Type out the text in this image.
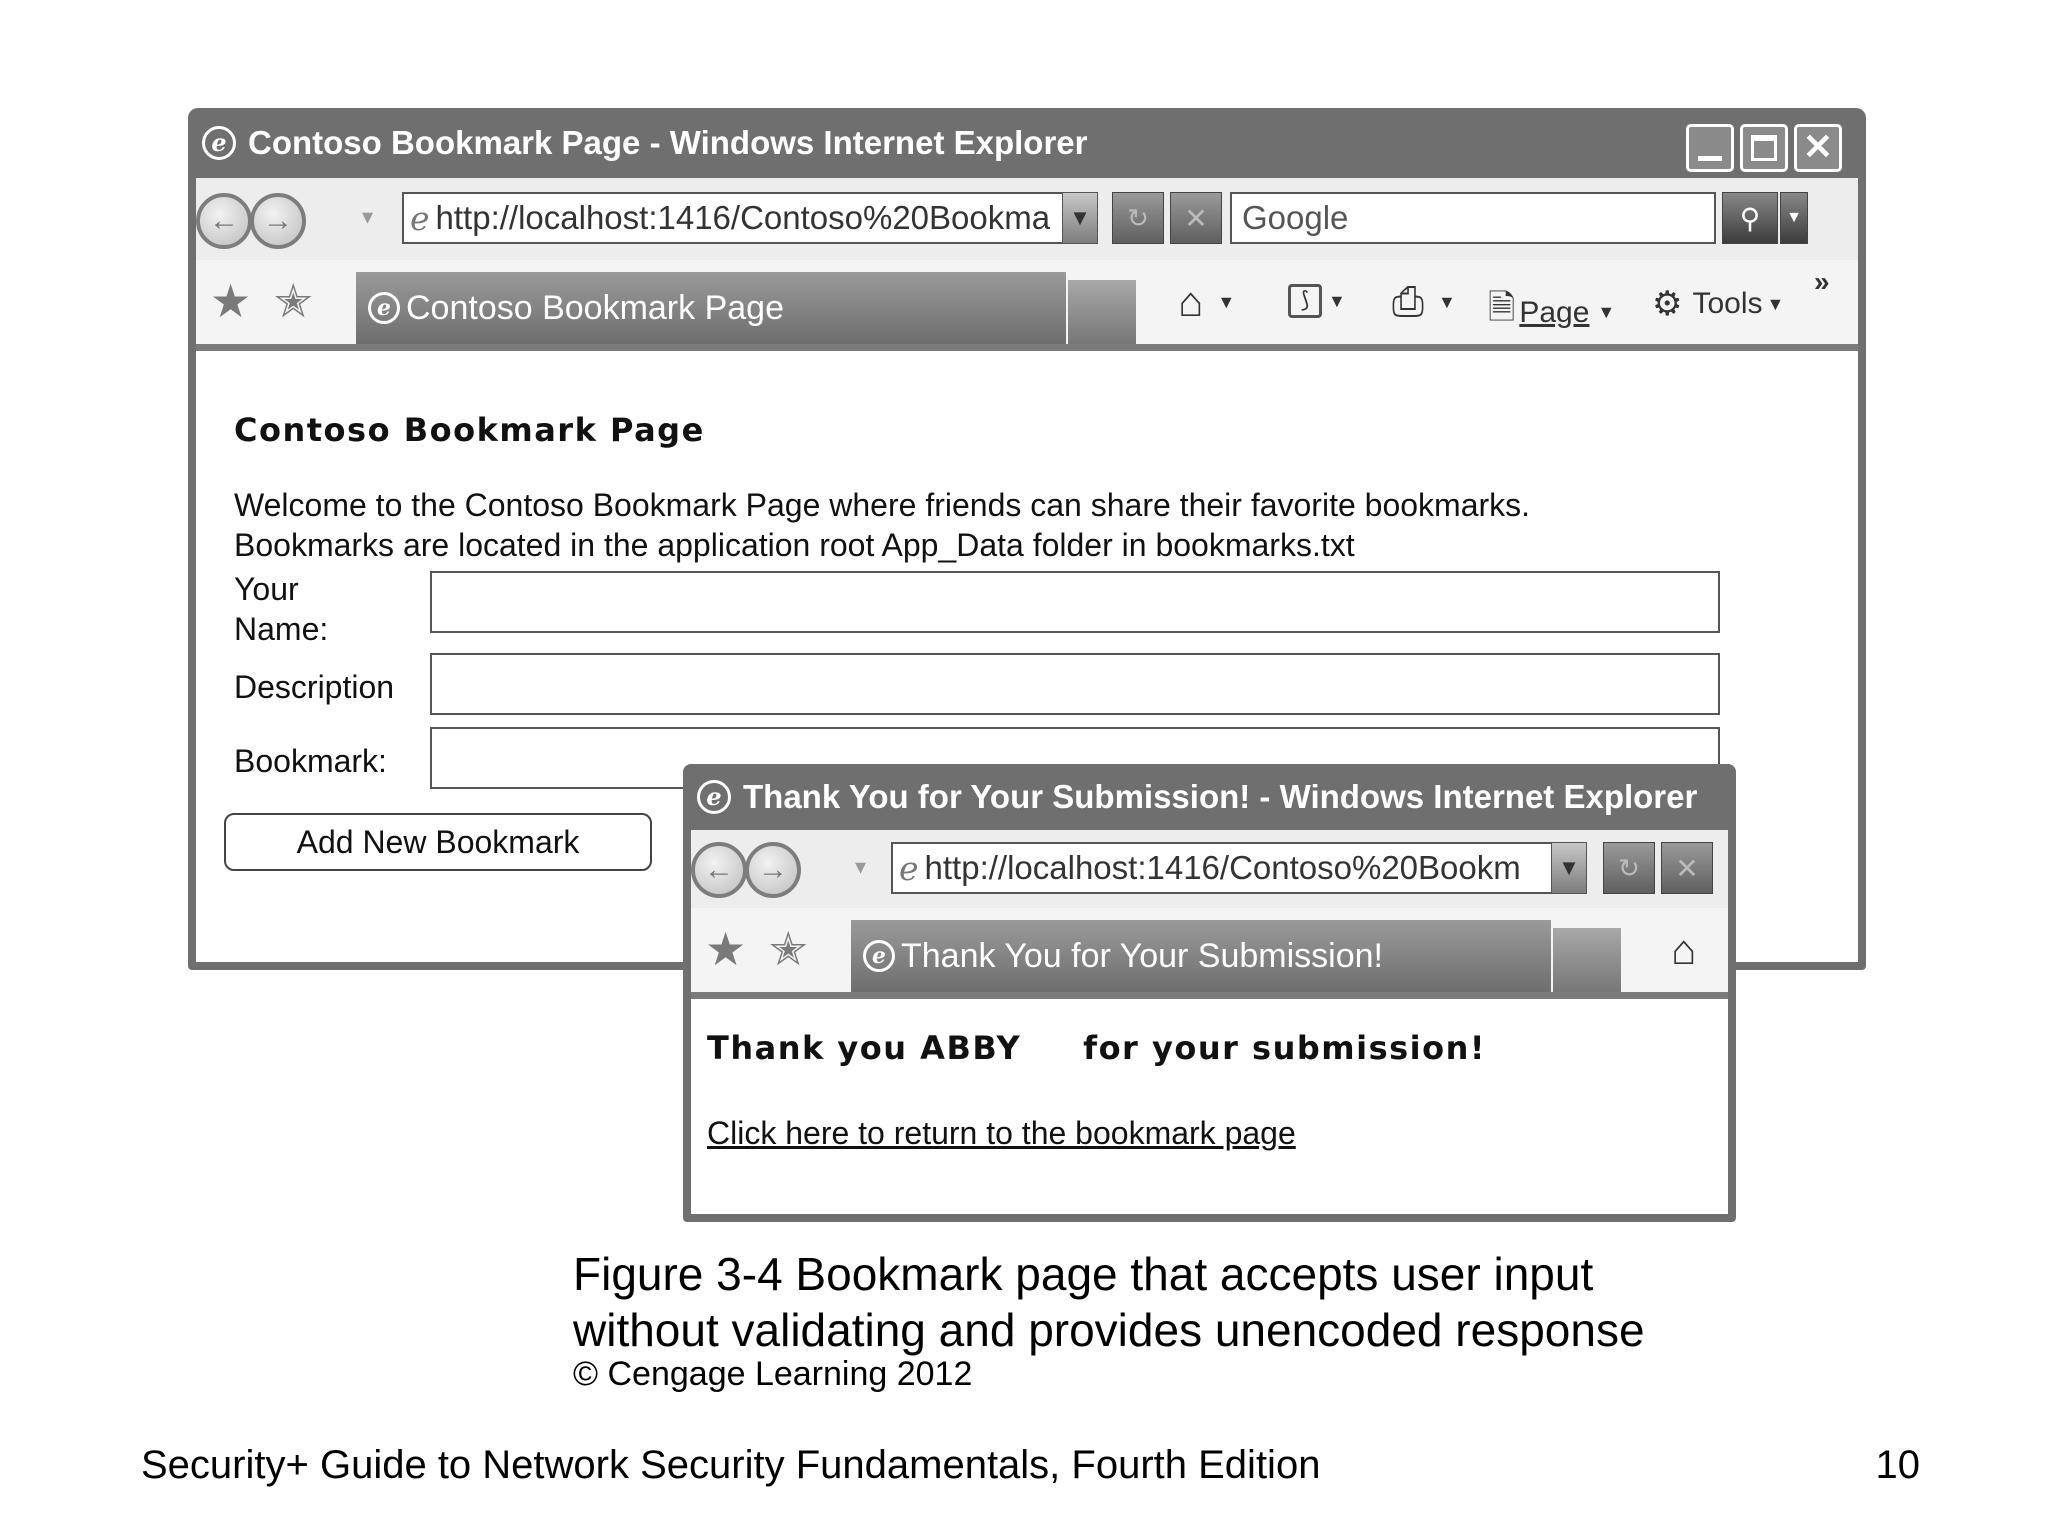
e Contoso Bookmark Page - Windows Internet Explorer	✕
← →	▾ e http://localhost:1416/Contoso%20Bookma ▼ ↻ ✕ Google	⚲ ▼
★ ✭	e Contoso Bookmark Page	⌂ ▼	⟆	▼ ⎙ ▼ 🗎 Page ▼ ⚙ Tools ▼
»
Contoso Bookmark Page
Welcome to the Contoso Bookmark Page where friends can share their favorite bookmarks.
Bookmarks are located in the application root App_Data folder in bookmarks.txt
Your
Name:
Description
Bookmark:
Add New Bookmark
e Thank You for Your Submission! - Windows Internet Explorer
← →	▾ e http://localhost:1416/Contoso%20Bookm ▼ ↻ ✕
★ ✭	e Thank You for Your Submission!	⌂
Thank you ABBY for your submission!
Click here to return to the bookmark page
Figure 3-4 Bookmark page that accepts user input
without validating and provides unencoded response
© Cengage Learning 2012
Security+ Guide to Network Security Fundamentals, Fourth Edition	10
